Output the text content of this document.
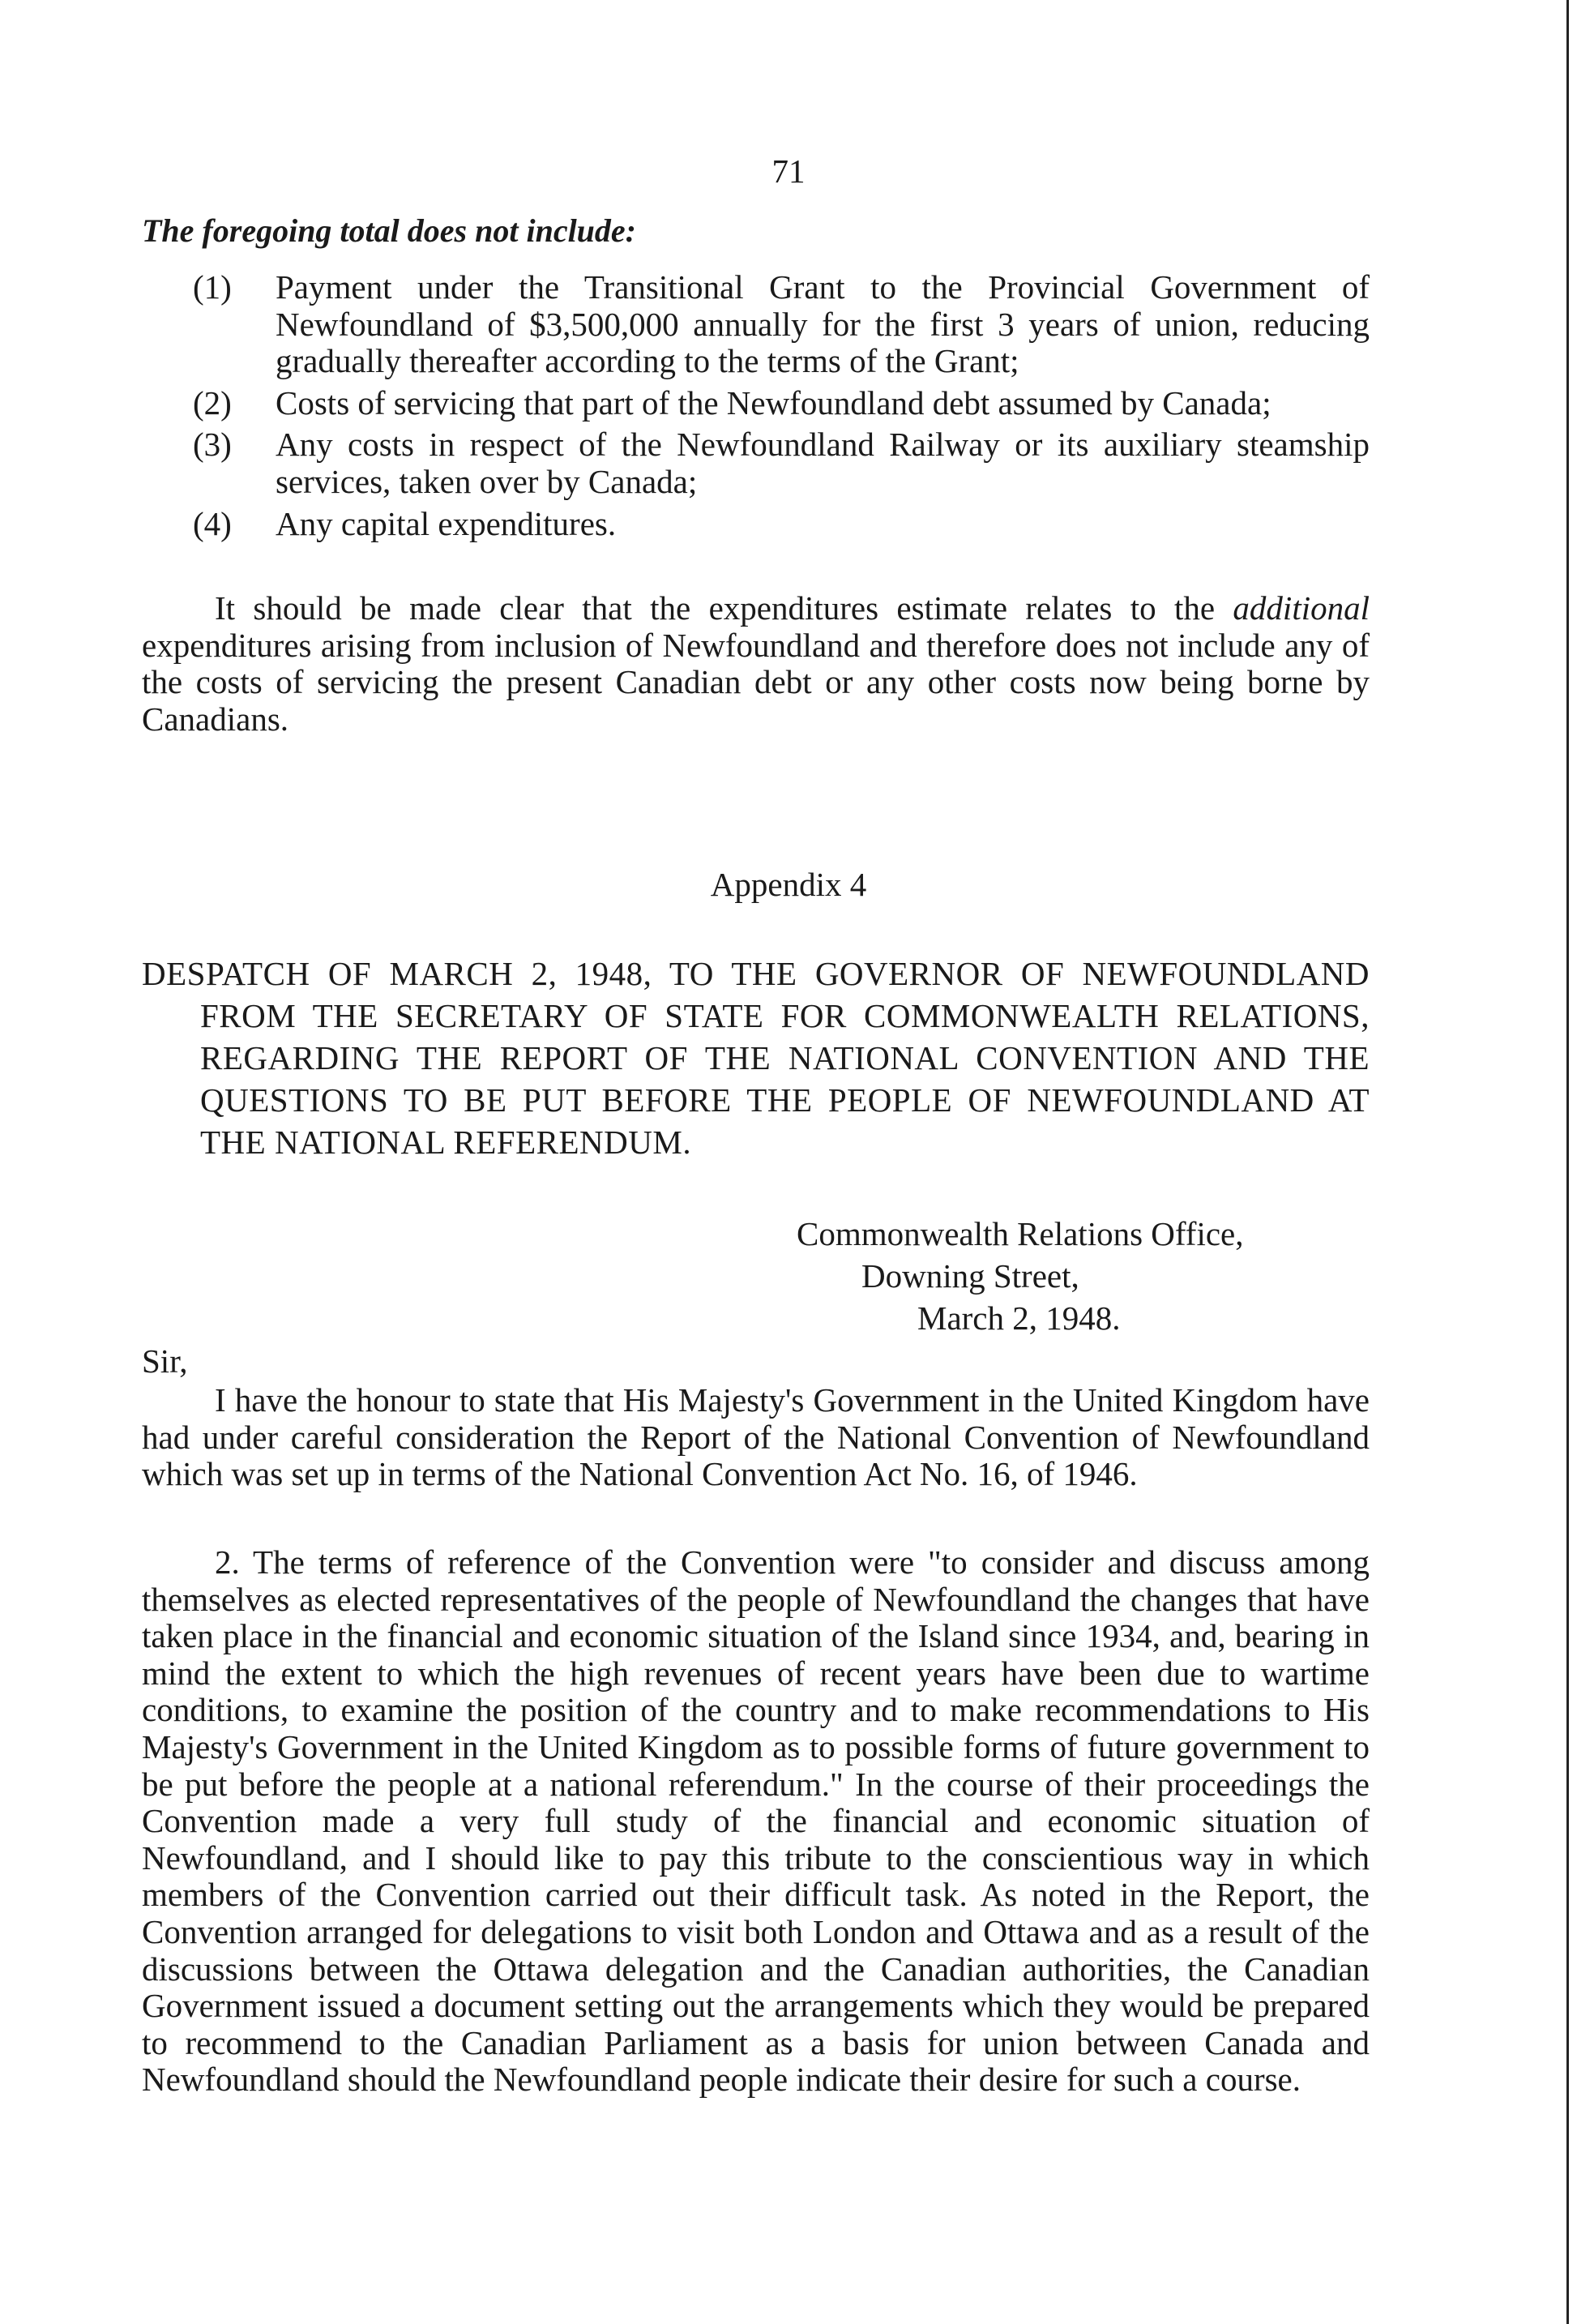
71
The foregoing total does not include:
(1) Payment under the Transitional Grant to the Provincial Government of Newfoundland of $3,500,000 annually for the first 3 years of union, reducing gradually thereafter according to the terms of the Grant;
(2) Costs of servicing that part of the Newfoundland debt assumed by Canada;
(3) Any costs in respect of the Newfoundland Railway or its auxiliary steamship services, taken over by Canada;
(4) Any capital expenditures.

It should be made clear that the expenditures estimate relates to the additional expenditures arising from inclusion of Newfoundland and therefore does not include any of the costs of servicing the present Canadian debt or any other costs now being borne by Canadians.

Appendix 4
DESPATCH OF MARCH 2, 1948, TO THE GOVERNOR OF NEWFOUNDLAND FROM THE SECRETARY OF STATE FOR COMMONWEALTH RELATIONS, REGARDING THE REPORT OF THE NATIONAL CONVENTION AND THE QUESTIONS TO BE PUT BEFORE THE PEOPLE OF NEWFOUNDLAND AT THE NATIONAL REFERENDUM.
Commonwealth Relations Office,
Downing Street,
March 2, 1948.
Sir,

I have the honour to state that His Majesty's Government in the United Kingdom have had under careful consideration the Report of the National Convention of Newfoundland which was set up in terms of the National Convention Act No. 16, of 1946.

2. The terms of reference of the Convention were "to consider and discuss among themselves as elected representatives of the people of Newfoundland the changes that have taken place in the financial and economic situation of the Island since 1934, and, bearing in mind the extent to which the high revenues of recent years have been due to wartime conditions, to examine the position of the country and to make recommendations to His Majesty's Government in the United Kingdom as to possible forms of future government to be put before the people at a national referendum." In the course of their proceedings the Convention made a very full study of the financial and economic situation of Newfoundland, and I should like to pay this tribute to the conscientious way in which members of the Convention carried out their difficult task. As noted in the Report, the Convention arranged for delegations to visit both London and Ottawa and as a result of the discussions between the Ottawa delegation and the Canadian authorities, the Canadian Government issued a document setting out the arrangements which they would be prepared to recommend to the Canadian Parliament as a basis for union between Canada and Newfoundland should the Newfoundland people indicate their desire for such a course.
